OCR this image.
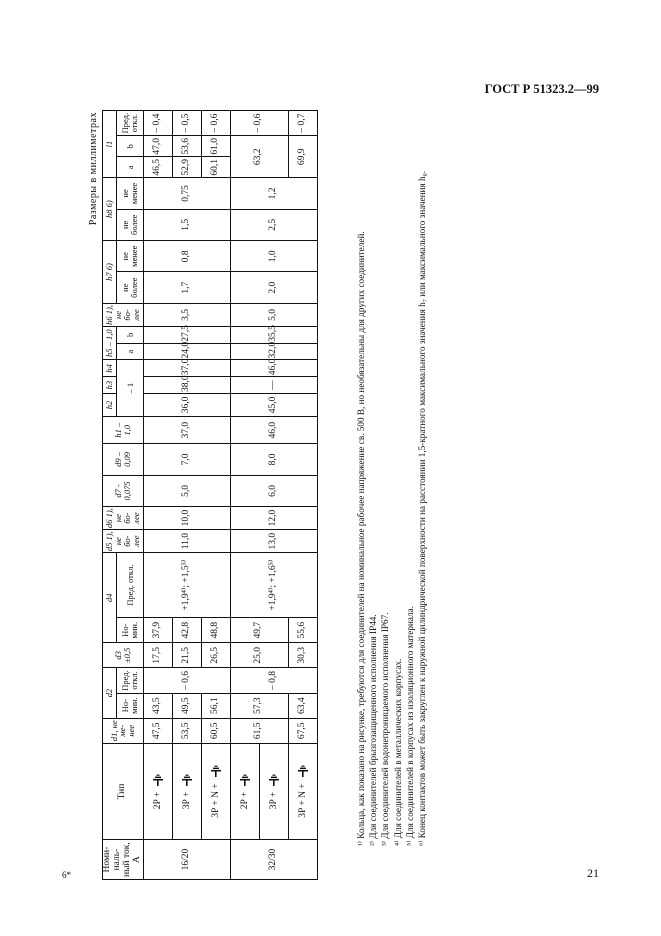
ГОСТ Р 51323.2—99
Размеры в миллиметрах
Номи- наль- ный ток, А	Тип	d1, не ме- нее	d2		d3 ±0,5	d4		d5 1), не бо- лее	d6 1), не бо- лее	d7 - 0,075	d9 – 0,09	h1 – 1,0	h2	h3	h4	h5 – 1,0		h6 1), не бо- лее	h7 6)		h8 6)		l1		
			Но- мин.	Пред. откл.		Но- мин.	Пред. откл.						– 1			a	b		не более	не менее	не более	не менее	a	b	Пред. откл.
16/20	2P +	47,5	43,5	– 0,6	17,5	37,9	+1,9⁴⁾; +1,5⁵⁾	11,0	10,0	5,0	7,0	37,0	36,0	38,0	37,0	24,0	27,5	3,5	1,7	0,8	1,5	0,75	46,5	47,0	– 0,4
	3P +	53,5	49,5		21,5	42,8																	52,9	53,6	– 0,5
	3P + N +	60,5	56,1		26,5	48,8																	60,1	61,0	– 0,6
32/30	2P +	61,5	57,3	– 0,8	25,0	49,7	+1,9⁴⁾; +1,6⁵⁾	13,0	12,0	6,0	8,0	46,0	45,0	—	46,0	32,0	35,5	5,0	2,0	1,0	2,5	1,2	63,2		– 0,6
	3P +																								
	3P + N +	67,5	63,4		30,3	55,6																	69,9		– 0,7

¹⁾ Кольца, как показано на рисунке, требуются для соединителей на номинальное рабочее напряжение св. 500 В, но необязательны для других соединителей. ²⁾ Для соединителей брызгозащищенного исполнения IP44. ³⁾ Для соединителей водонепроницаемого исполнения IP67. ⁴⁾ Для соединителей в металлических корпусах. ⁵⁾ Для соединителей в корпусах из изоляционного материала. ⁶⁾ Конец контактов может быть закруглен к наружной цилиндрической поверхности на расстоянии 1,5-кратного максимального значения h₇ или максимального значения h₈.

6*	21
